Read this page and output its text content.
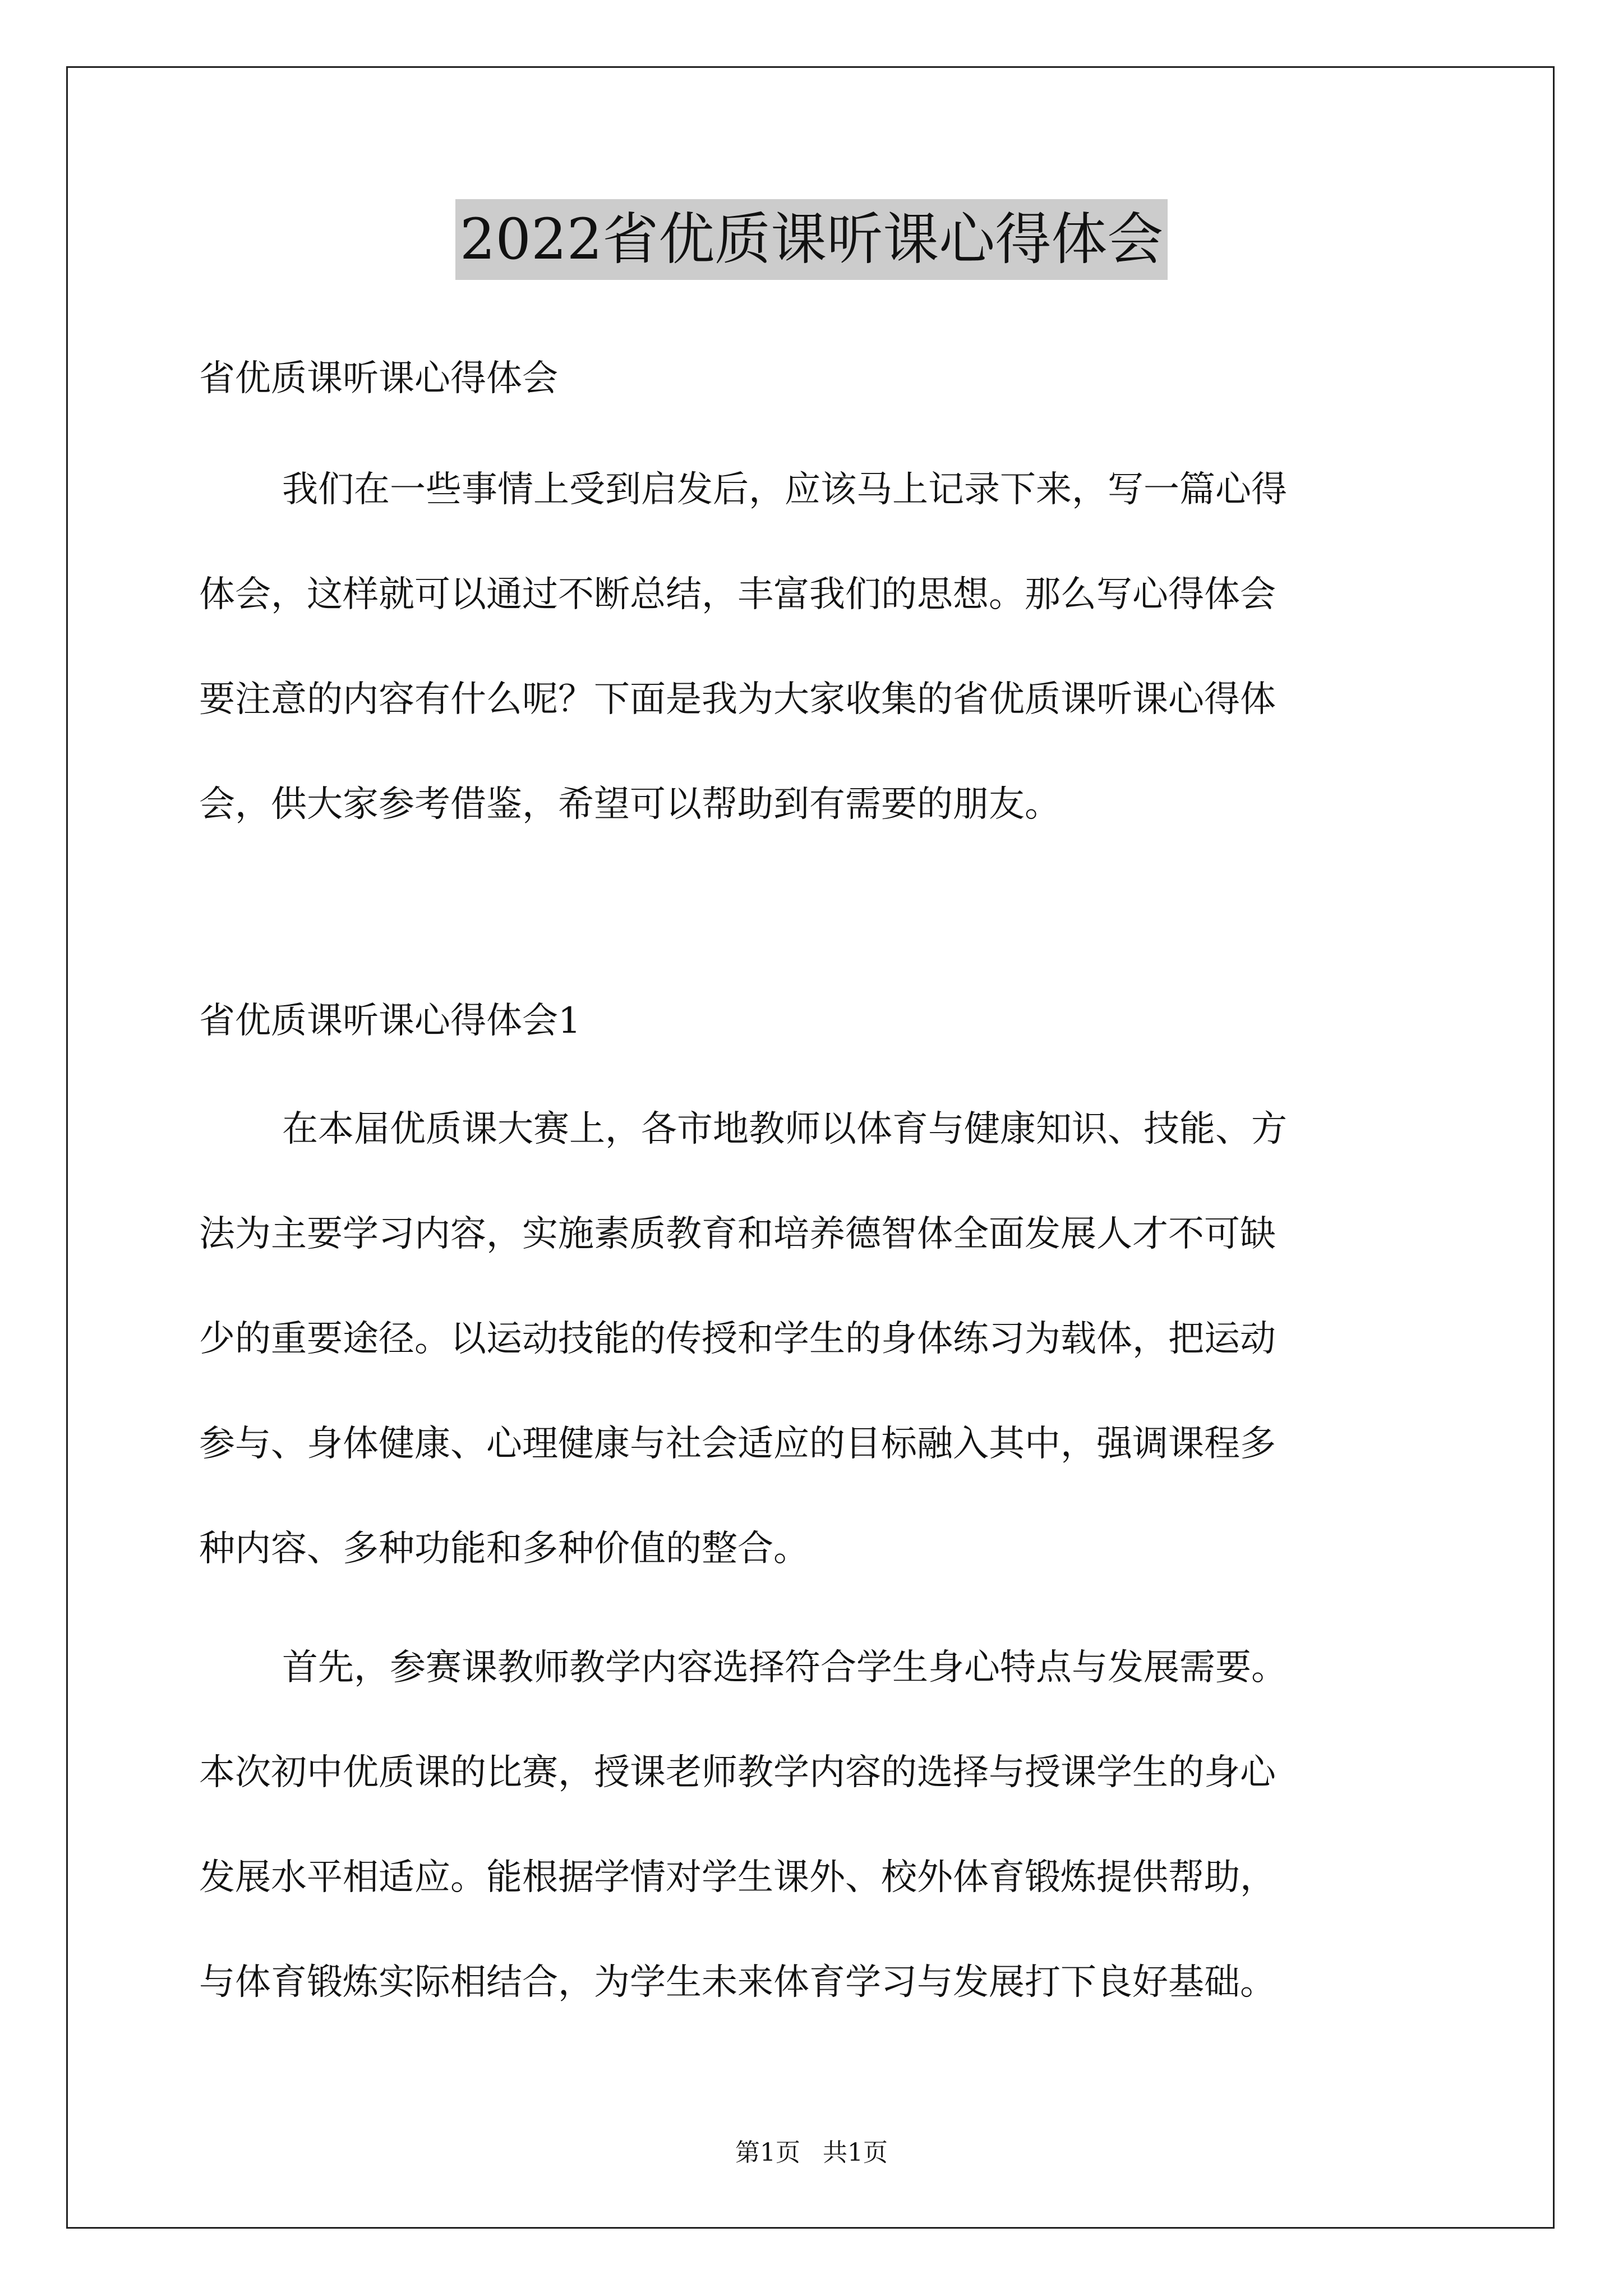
2022省优质课听课心得体会
省优质课听课心得体会
我们在一些事情上受到启发后，应该马上记录下来，写一篇心得
体会，这样就可以通过不断总结，丰富我们的思想。那么写心得体会
要注意的内容有什么呢？下面是我为大家收集的省优质课听课心得体
会，供大家参考借鉴，希望可以帮助到有需要的朋友。
省优质课听课心得体会1
在本届优质课大赛上，各市地教师以体育与健康知识、技能、方
法为主要学习内容，实施素质教育和培养德智体全面发展人才不可缺
少的重要途径。以运动技能的传授和学生的身体练习为载体，把运动
参与、身体健康、心理健康与社会适应的目标融入其中，强调课程多
种内容、多种功能和多种价值的整合。
首先，参赛课教师教学内容选择符合学生身心特点与发展需要。
本次初中优质课的比赛，授课老师教学内容的选择与授课学生的身心
发展水平相适应。能根据学情对学生课外、校外体育锻炼提供帮助，
与体育锻炼实际相结合，为学生未来体育学习与发展打下良好基础。
第1页 共1页
